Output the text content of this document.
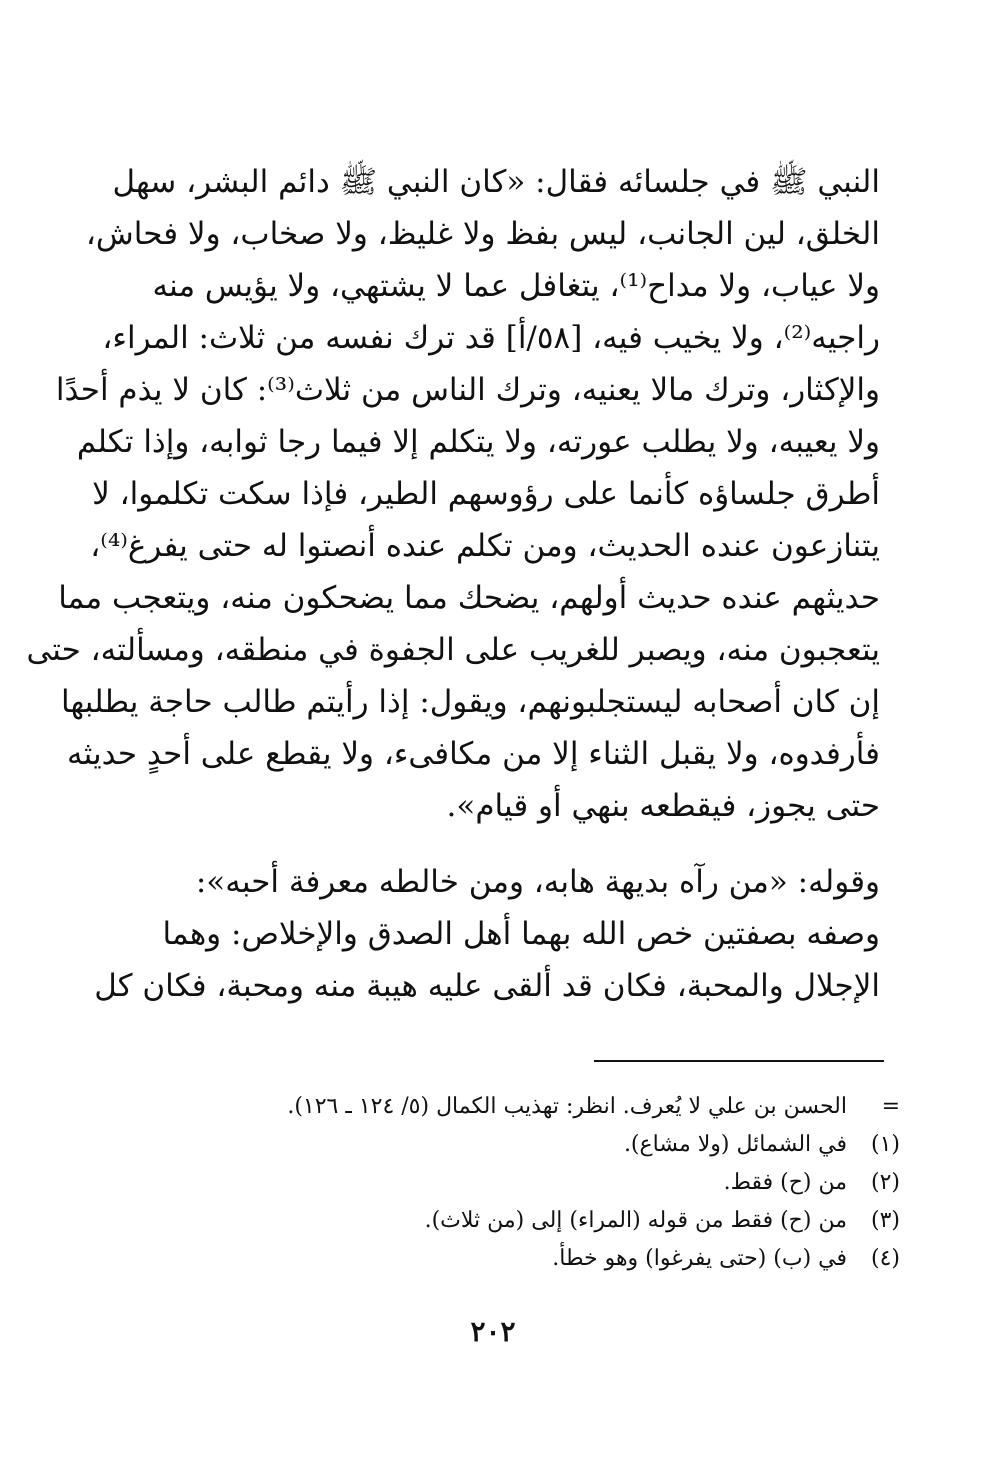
النبي ﷺ في جلسائه فقال: «كان النبي ﷺ دائم البشر، سهل
الخلق، لين الجانب، ليس بفظ ولا غليظ، ولا صخاب، ولا فحاش،
ولا عياب، ولا مداح⁽¹⁾، يتغافل عما لا يشتهي، ولا يؤيس منه
راجيه⁽²⁾، ولا يخيب فيه، [٥٨/أ] قد ترك نفسه من ثلاث: المراء،
والإكثار، وترك مالا يعنيه، وترك الناس من ثلاث⁽³⁾: كان لا يذم أحدًا
ولا يعيبه، ولا يطلب عورته، ولا يتكلم إلا فيما رجا ثوابه، وإذا تكلم
أطرق جلساؤه كأنما على رؤوسهم الطير، فإذا سكت تكلموا، لا
يتنازعون عنده الحديث، ومن تكلم عنده أنصتوا له حتى يفرغ⁽⁴⁾،
حديثهم عنده حديث أولهم، يضحك مما يضحكون منه، ويتعجب مما
يتعجبون منه، ويصبر للغريب على الجفوة في منطقه، ومسألته، حتى
إن كان أصحابه ليستجلبونهم، ويقول: إذا رأيتم طالب حاجة يطلبها
فأرفدوه، ولا يقبل الثناء إلا من مكافىء، ولا يقطع على أحدٍ حديثه
حتى يجوز، فيقطعه بنهي أو قيام».
وقوله: «من رآه بديهة هابه، ومن خالطه معرفة أحبه»:
وصفه بصفتين خص الله بهما أهل الصدق والإخلاص: وهما
الإجلال والمحبة، فكان قد ألقى عليه هيبة منه ومحبة، فكان كل
= الحسن بن علي لا يُعرف. انظر: تهذيب الكمال (٥/ ١٢٤ ـ ١٢٦).
(١) في الشمائل (ولا مشاع).
(٢) من (ح) فقط.
(٣) من (ح) فقط من قوله (المراء) إلى (من ثلاث).
(٤) في (ب) (حتى يفرغوا) وهو خطأ.
٢٠٢
